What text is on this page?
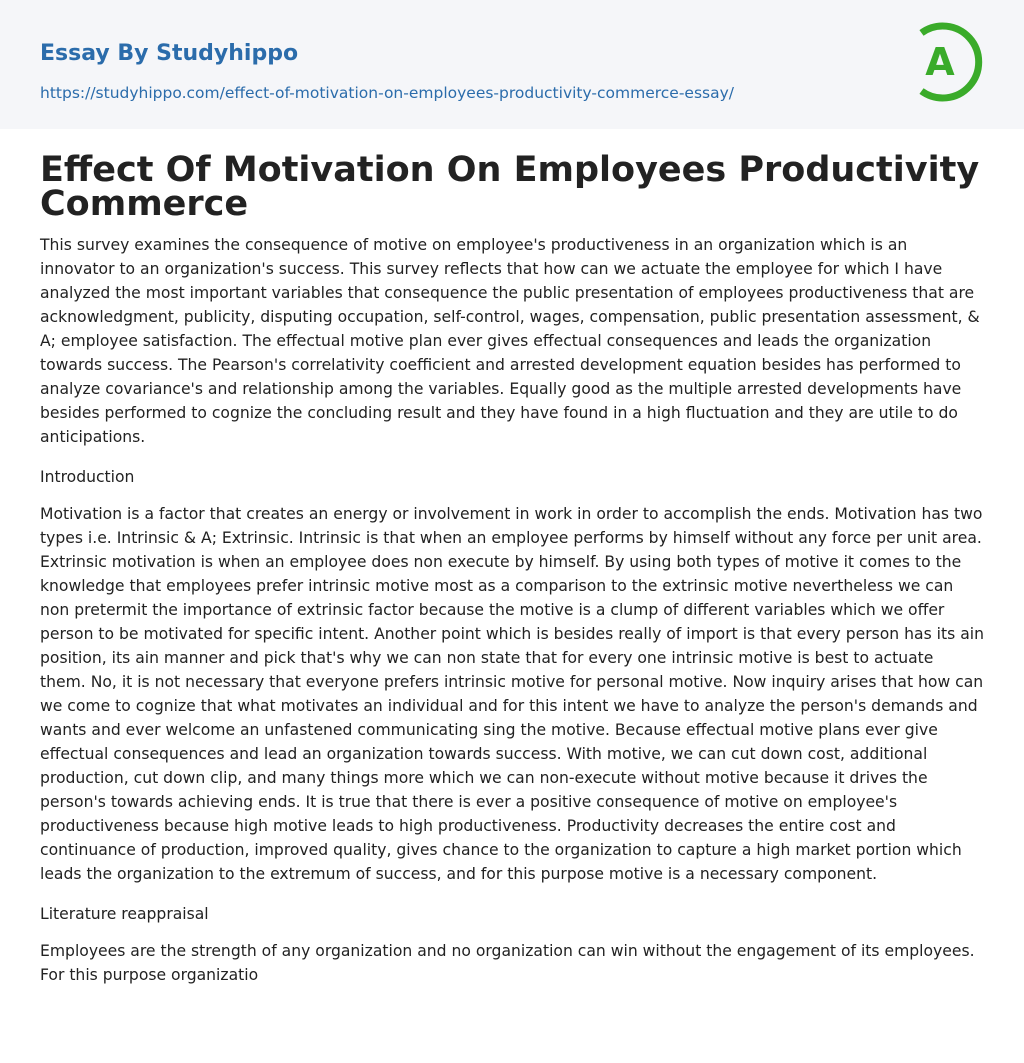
Essay By Studyhippo
https://studyhippo.com/effect-of-motivation-on-employees-productivity-commerce-essay/
A
Effect Of Motivation On Employees Productivity Commerce

This survey examines the consequence of motive on employee's productiveness in an organization which is an innovator to an organization's success. This survey reflects that how can we actuate the employee for which I have analyzed the most important variables that consequence the public presentation of employees productiveness that are acknowledgment, publicity, disputing occupation, self-control, wages, compensation, public presentation assessment, & A; employee satisfaction. The effectual motive plan ever gives effectual consequences and leads the organization towards success. The Pearson's correlativity coefficient and arrested development equation besides has performed to analyze covariance's and relationship among the variables. Equally good as the multiple arrested developments have besides performed to cognize the concluding result and they have found in a high fluctuation and they are utile to do anticipations.

Introduction

Motivation is a factor that creates an energy or involvement in work in order to accomplish the ends. Motivation has two types i.e. Intrinsic & A; Extrinsic. Intrinsic is that when an employee performs by himself without any force per unit area. Extrinsic motivation is when an employee does non execute by himself. By using both types of motive it comes to the knowledge that employees prefer intrinsic motive most as a comparison to the extrinsic motive nevertheless we can non pretermit the importance of extrinsic factor because the motive is a clump of different variables which we offer person to be motivated for specific intent. Another point which is besides really of import is that every person has its ain position, its ain manner and pick that's why we can non state that for every one intrinsic motive is best to actuate them. No, it is not necessary that everyone prefers intrinsic motive for personal motive. Now inquiry arises that how can we come to cognize that what motivates an individual and for this intent we have to analyze the person's demands and wants and ever welcome an unfastened communicating sing the motive. Because effectual motive plans ever give effectual consequences and lead an organization towards success. With motive, we can cut down cost, additional production, cut down clip, and many things more which we can non-execute without motive because it drives the person's towards achieving ends. It is true that there is ever a positive consequence of motive on employee's productiveness because high motive leads to high productiveness. Productivity decreases the entire cost and continuance of production, improved quality, gives chance to the organization to capture a high market portion which leads the organization to the extremum of success, and for this purpose motive is a necessary component.

Literature reappraisal

Employees are the strength of any organization and no organization can win without the engagement of its employees. For this purpose organizatio
